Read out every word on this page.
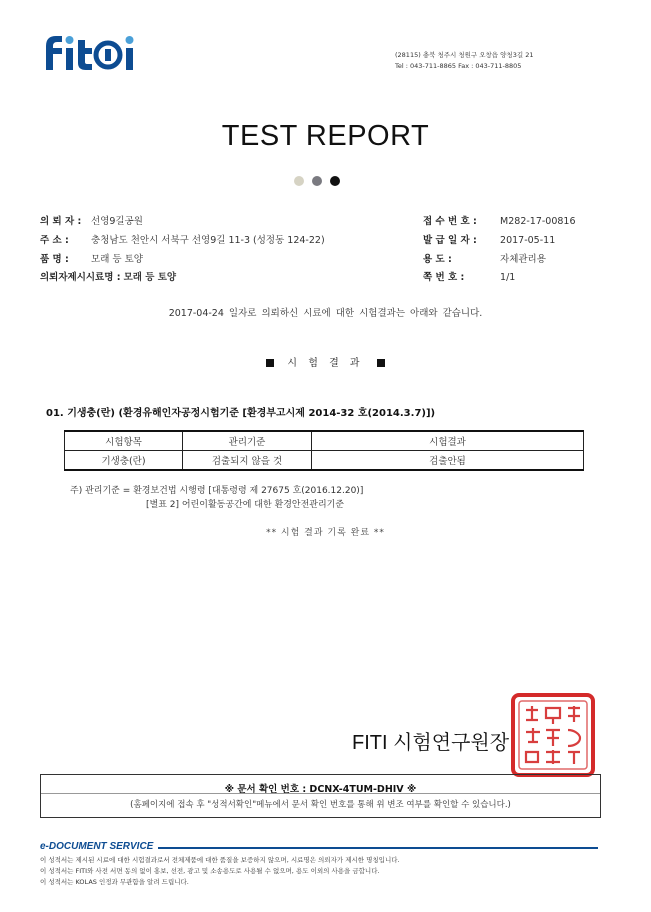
(28115) 충북 청주시 청원구 오창읍 양청3길 21
Tel : 043-711-8865 Fax : 043-711-8805
TEST REPORT
의 뢰 자 : 선영9길공원
주 소 : 충청남도 천안시 서북구 선영9길 11-3 (성정동 124-22)
품 명 : 모래 등 토양
의뢰자제시시료명 : 모래 등 토양
접 수 번 호 : M282-17-00816
발 급 일 자 : 2017-05-11
용 도 :	자체관리용
쪽 번 호 :	1/1
2017-04-24 일자로 의뢰하신 시료에 대한 시험결과는 아래와 같습니다.
시 험 결 과
01. 기생충(란) (환경유해인자공정시험기준 [환경부고시제 2014-32 호(2014.3.7)])
시험항목	관리기준	시험결과
기생충(란)	검출되지 않을 것	검출안됨
주) 관리기준 = 환경보건법 시행령 [대통령령 제 27675 호(2016.12.20)]
[별표 2] 어린이활동공간에 대한 환경안전관리기준
** 시험 결과 기록 완료 **
FITI 시험연구원장
※ 문서 확인 번호 : DCNX-4TUM-DHIV ※
(홈페이지에 접속 후 "성적서확인"메뉴에서 문서 확인 번호를 통해 위 변조 여부를 확인할 수 있습니다.)
e-DOCUMENT SERVICE
이 성적서는 제시된 시료에 대한 시험결과로서 전체제품에 대한 품질을 보증하지 않으며, 시료명은 의뢰자가 제시한 명칭입니다.
이 성적서는 FITI와 사전 서면 동의 없이 홍보, 선전, 광고 및 소송용도로 사용될 수 없으며, 용도 이외의 사용을 금합니다.
이 성적서는 KOLAS 인정과 무관함을 알려 드립니다.
